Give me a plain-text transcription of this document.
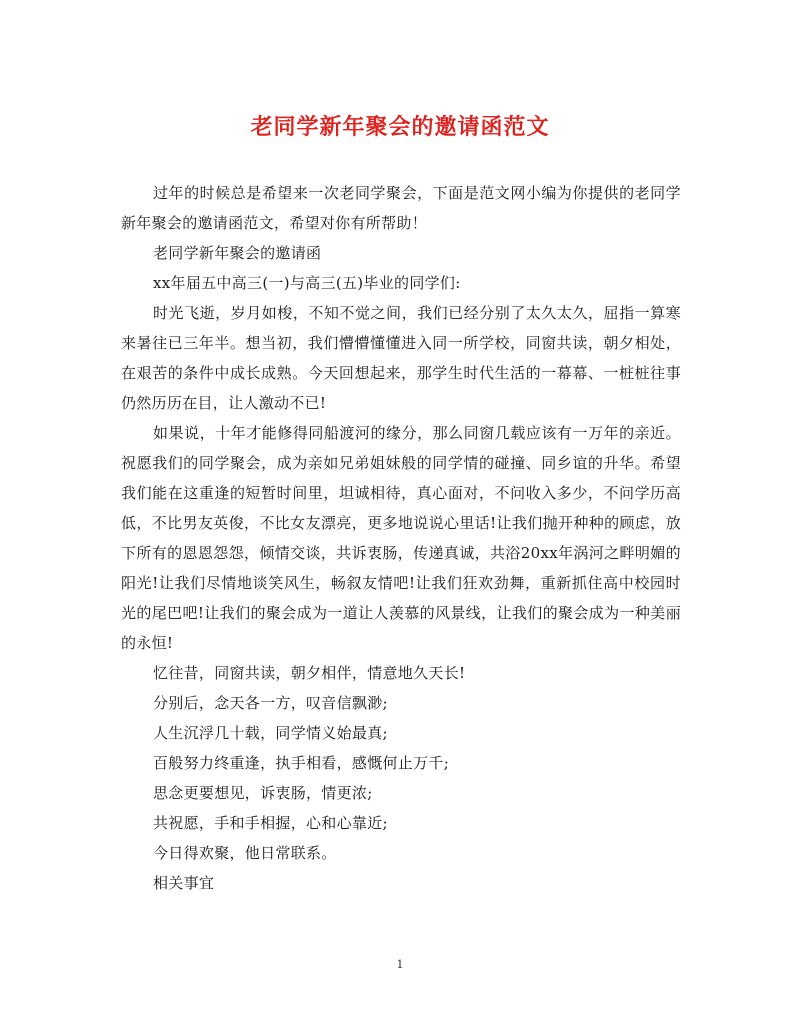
老同学新年聚会的邀请函范文

过年的时候总是希望来一次老同学聚会，下面是范文网小编为你提供的老同学新年聚会的邀请函范文，希望对你有所帮助！

老同学新年聚会的邀请函

xx年届五中高三(一)与高三(五)毕业的同学们:

时光飞逝，岁月如梭，不知不觉之间，我们已经分别了太久太久，屈指一算寒来暑往已三年半。想当初，我们懵懵懂懂进入同一所学校，同窗共读，朝夕相处，在艰苦的条件中成长成熟。今天回想起来，那学生时代生活的一幕幕、一桩桩往事仍然历历在目，让人激动不已!

如果说，十年才能修得同船渡河的缘分，那么同窗几载应该有一万年的亲近。祝愿我们的同学聚会，成为亲如兄弟姐妹般的同学情的碰撞、同乡谊的升华。希望我们能在这重逢的短暂时间里，坦诚相待，真心面对，不问收入多少，不问学历高低，不比男友英俊，不比女友漂亮，更多地说说心里话!让我们抛开种种的顾虑，放下所有的恩恩怨怨，倾情交谈，共诉衷肠，传递真诚，共浴20xx年涡河之畔明媚的阳光!让我们尽情地谈笑风生，畅叙友情吧!让我们狂欢劲舞，重新抓住高中校园时光的尾巴吧!让我们的聚会成为一道让人羡慕的风景线，让我们的聚会成为一种美丽的永恒!

忆往昔，同窗共读，朝夕相伴，情意地久天长!

分别后，念天各一方，叹音信飘渺;

人生沉浮几十载，同学情义始最真;

百般努力终重逢，执手相看，感慨何止万千;

思念更要想见，诉衷肠，情更浓;

共祝愿，手和手相握，心和心靠近;

今日得欢聚，他日常联系。

相关事宜

1
